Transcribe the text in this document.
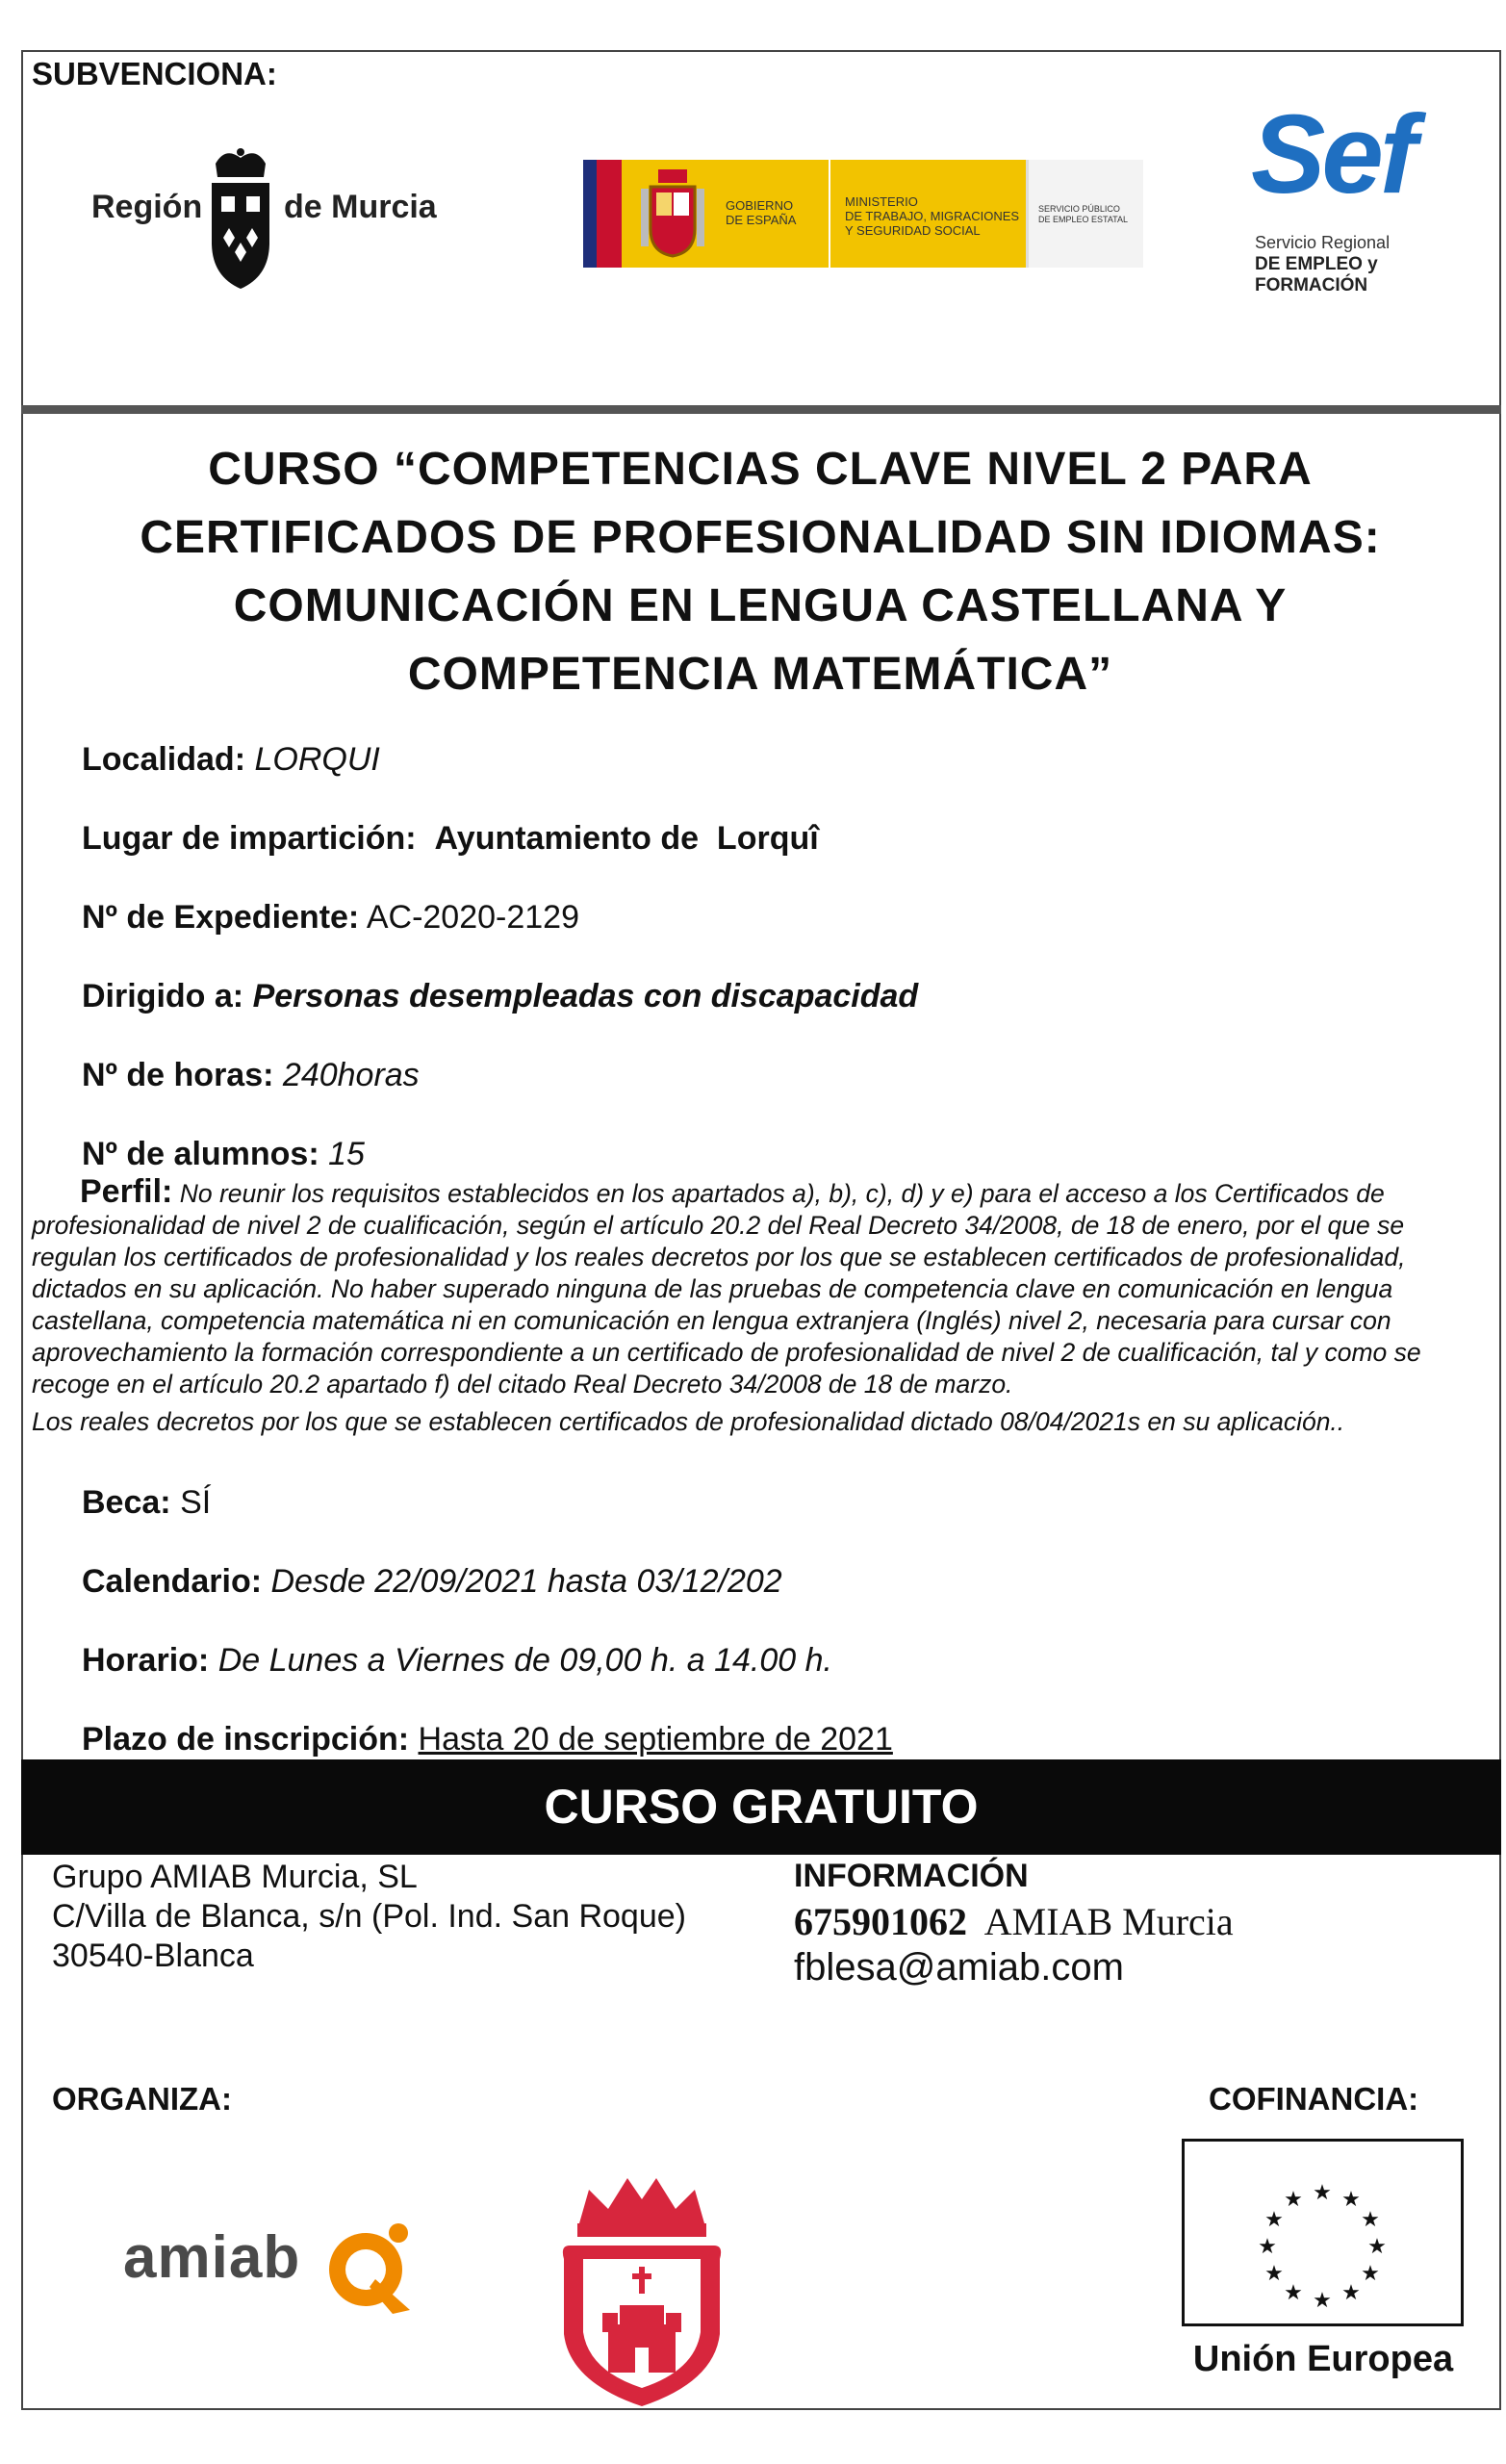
SUBVENCIONA:
Región de Murcia	GOBIERNO DE ESPAÑA
MINISTERIO
DE TRABAJO, MIGRACIONES
Y SEGURIDAD SOCIAL
SERVICIO PÚBLICO
DE EMPLEO ESTATAL
Sef
Servicio Regional
DE EMPLEO y FORMACIÓN
CURSO “COMPETENCIAS CLAVE NIVEL 2 PARA
CERTIFICADOS DE PROFESIONALIDAD SIN IDIOMAS:
COMUNICACIÓN EN LENGUA CASTELLANA Y
COMPETENCIA MATEMÁTICA”
Localidad: LORQUI
Lugar de impartición: Ayuntamiento de  Lorquî
Nº de Expediente: AC-2020-2129
Dirigido a: Personas desempleadas con discapacidad
Nº de horas: 240horas
Nº de alumnos: 15
Perfil: No reunir los requisitos establecidos en los apartados a), b), c), d) y e) para el acceso a los Certificados de profesionalidad de nivel 2 de cualificación, según el artículo 20.2 del Real Decreto 34/2008, de 18 de enero, por el que se regulan los certificados de profesionalidad y los reales decretos por los que se establecen certificados de profesionalidad, dictados en su aplicación. No haber superado ninguna de las pruebas de competencia clave en comunicación en lengua castellana, competencia matemática ni en comunicación en lengua extranjera (Inglés) nivel 2, necesaria para cursar con aprovechamiento la formación correspondiente a un certificado de profesionalidad de nivel 2 de cualificación, tal y como se recoge en el artículo 20.2 apartado f) del citado Real Decreto 34/2008 de 18 de marzo.
Los reales decretos por los que se establecen certificados de profesionalidad dictado 08/04/2021s en su aplicación..
Beca: SÍ
Calendario: Desde 22/09/2021 hasta 03/12/202
Horario: De Lunes a Viernes de 09,00 h. a 14.00 h.
Plazo de inscripción: Hasta 20 de septiembre de 2021
CURSO GRATUITO
Grupo AMIAB Murcia, SL
C/Villa de Blanca, s/n (Pol. Ind. San Roque)
30540-Blanca
INFORMACIÓN
675901062 AMIAB Murcia
fblesa@amiab.com
ORGANIZA:	COFINANCIA:
amiab
★ ★
★
★
★
★
★
★
★
★
★
★
Unión Europea
